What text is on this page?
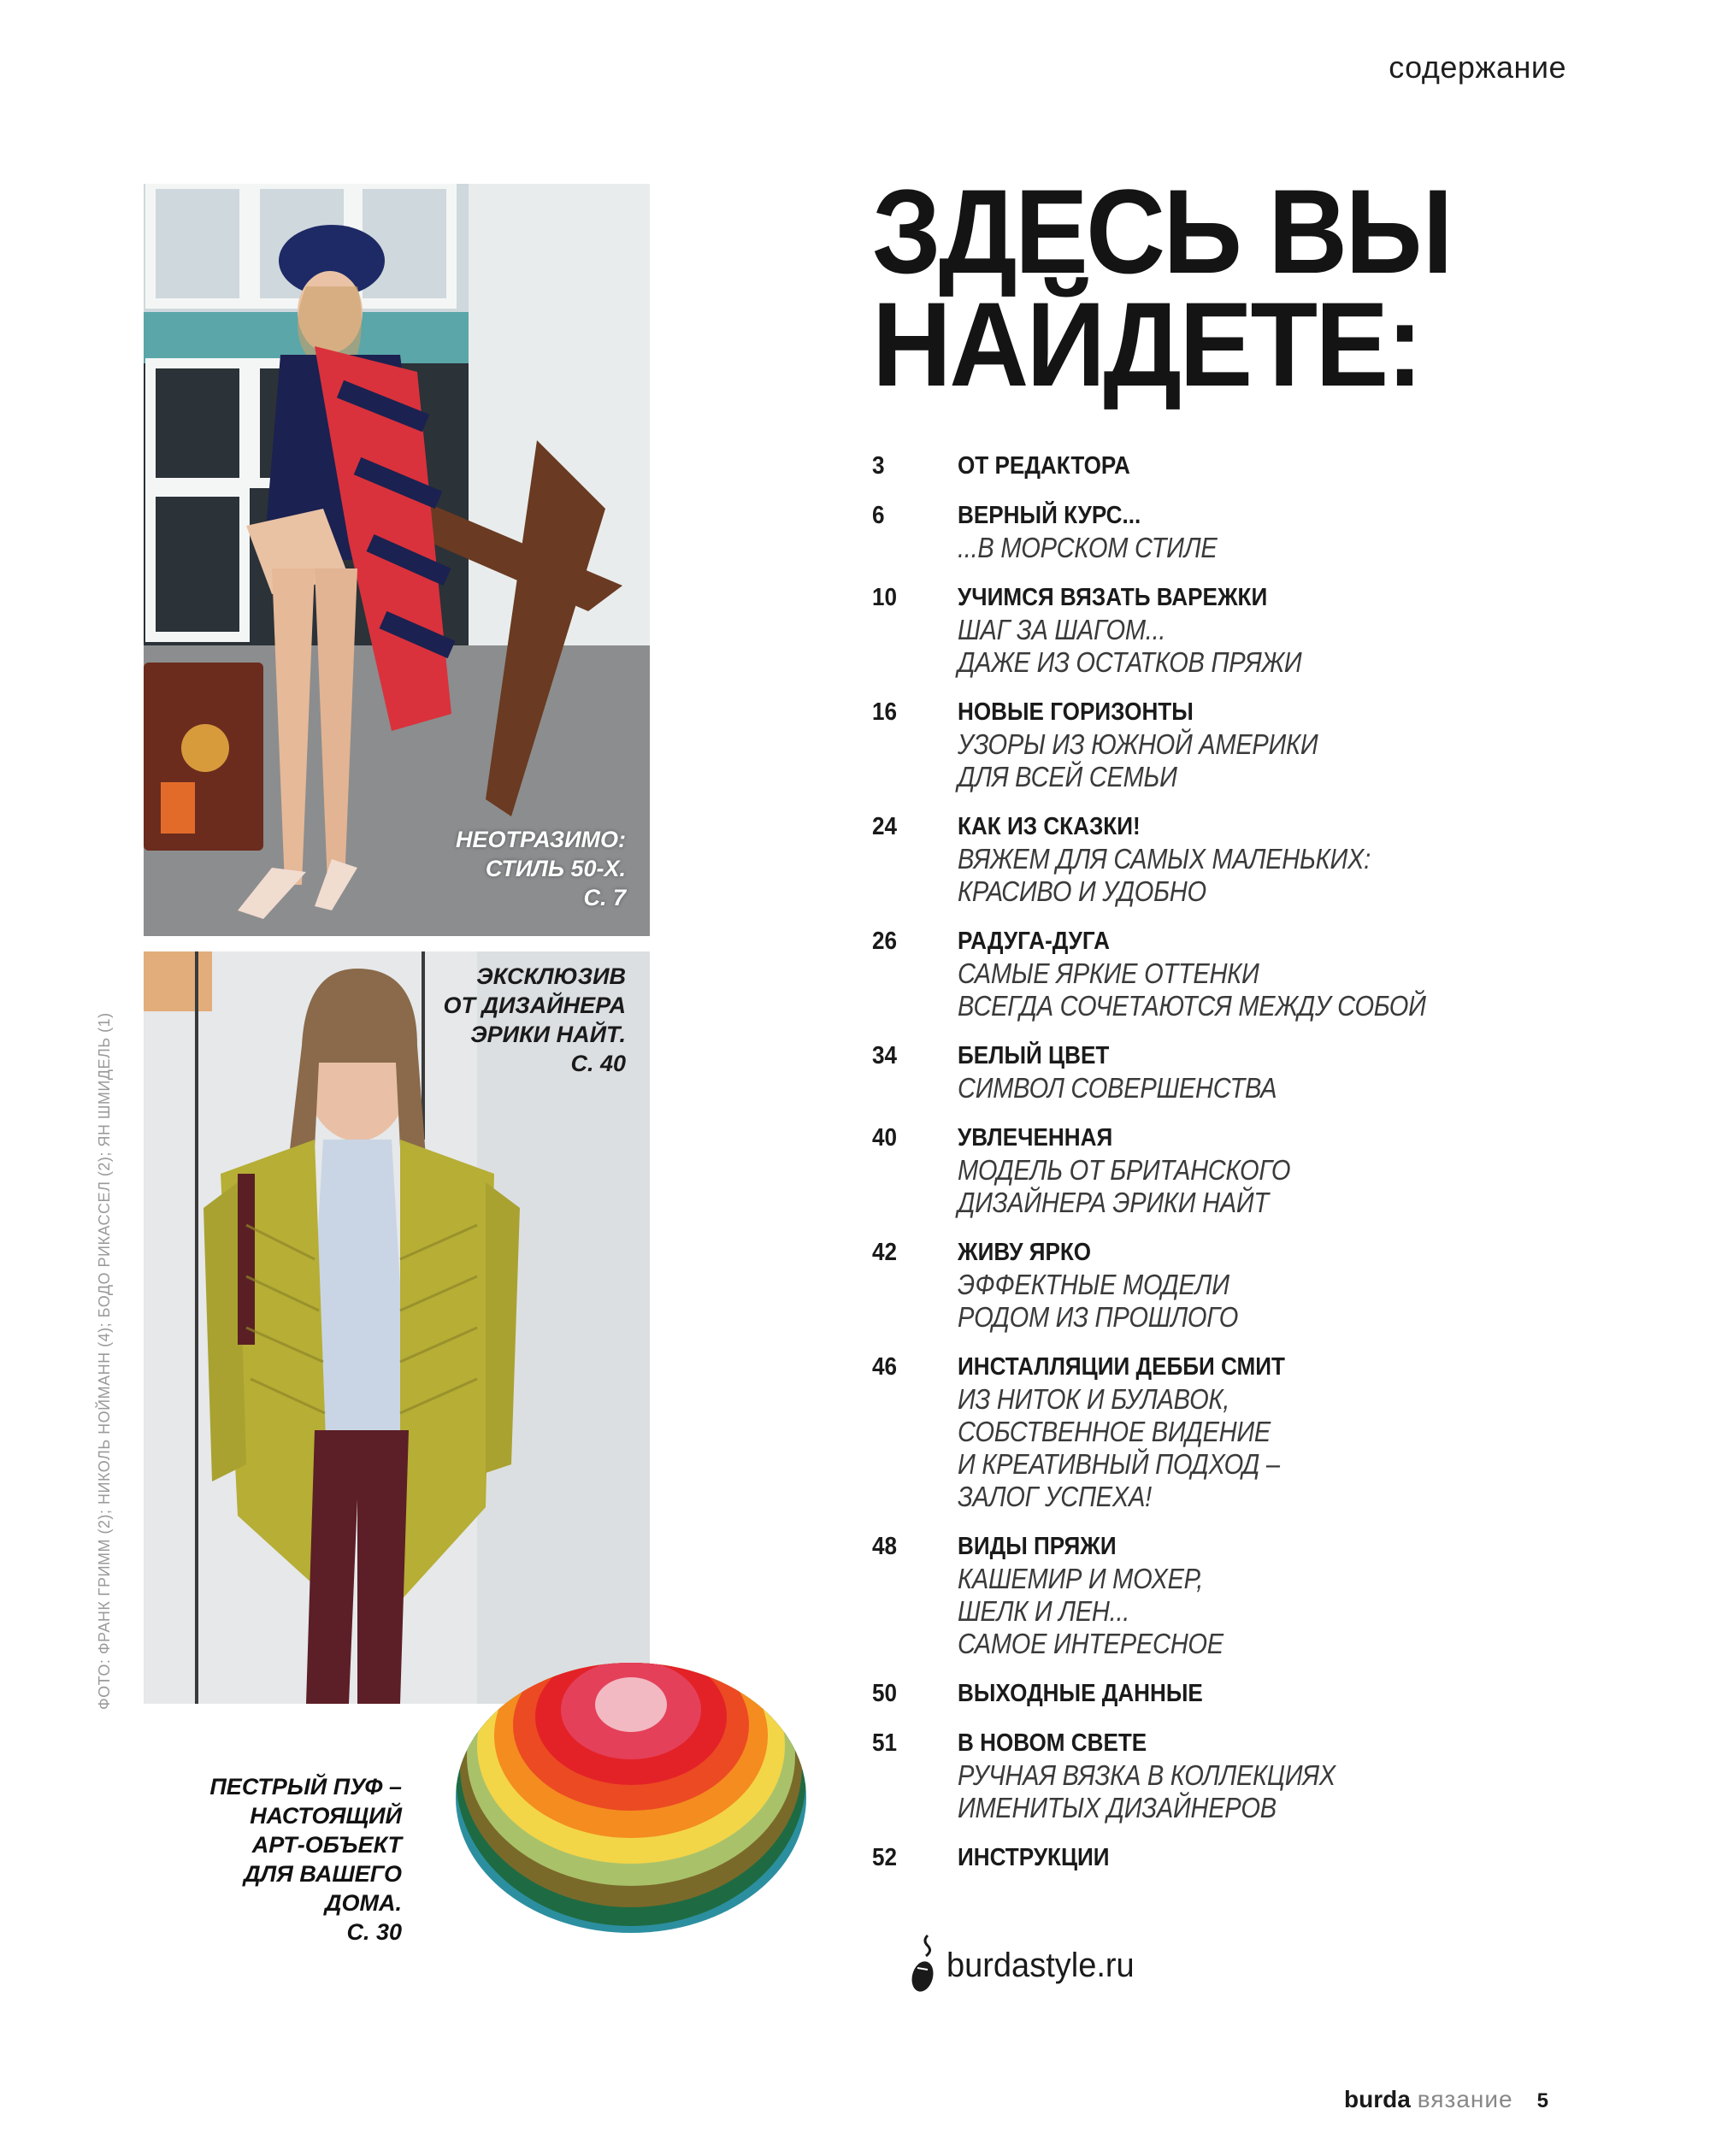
содержание
ЗДЕСЬ ВЫ
НАЙДЕТЕ:
3	ОТ РЕДАКТОРА
6	ВЕРНЫЙ КУРС...
...В МОРСКОМ СТИЛЕ
10	УЧИМСЯ ВЯЗАТЬ ВАРЕЖКИ
ШАГ ЗА ШАГОМ...
ДАЖЕ ИЗ ОСТАТКОВ ПРЯЖИ
16	НОВЫЕ ГОРИЗОНТЫ
УЗОРЫ ИЗ ЮЖНОЙ АМЕРИКИ
ДЛЯ ВСЕЙ СЕМЬИ
24	КАК ИЗ СКАЗКИ!
ВЯЖЕМ ДЛЯ САМЫХ МАЛЕНЬКИХ:
КРАСИВО И УДОБНО
26	РАДУГА-ДУГА
САМЫЕ ЯРКИЕ ОТТЕНКИ
ВСЕГДА СОЧЕТАЮТСЯ МЕЖДУ СОБОЙ
34	БЕЛЫЙ ЦВЕТ
СИМВОЛ СОВЕРШЕНСТВА
40	УВЛЕЧЕННАЯ
МОДЕЛЬ ОТ БРИТАНСКОГО
ДИЗАЙНЕРА ЭРИКИ НАЙТ
42	ЖИВУ ЯРКО
ЭФФЕКТНЫЕ МОДЕЛИ
РОДОМ ИЗ ПРОШЛОГО
46	ИНСТАЛЛЯЦИИ ДЕББИ СМИТ
ИЗ НИТОК И БУЛАВОК,
СОБСТВЕННОЕ ВИДЕНИЕ
И КРЕАТИВНЫЙ ПОДХОД –
ЗАЛОГ УСПЕХА!
48	ВИДЫ ПРЯЖИ
КАШЕМИР И МОХЕР,
ШЕЛК И ЛЕН...
САМОЕ ИНТЕРЕСНОЕ
50	ВЫХОДНЫЕ ДАННЫЕ
51	В НОВОМ СВЕТЕ
РУЧНАЯ ВЯЗКА В КОЛЛЕКЦИЯХ
ИМЕНИТЫХ ДИЗАЙНЕРОВ
52	ИНСТРУКЦИИ
НЕОТРАЗИМО:
СТИЛЬ 50-Х.
С. 7
ЭКСКЛЮЗИВ
ОТ ДИЗАЙНЕРА
ЭРИКИ НАЙТ.
С. 40
ФОТО: ФРАНК ГРИММ (2); НИКОЛЬ НОЙМАНН (4); БОДО РИКАССЕЛ (2); ЯН ШМИДЕЛЬ (1)
ПЕСТРЫЙ ПУФ –
НАСТОЯЩИЙ
АРТ-ОБЪЕКТ
ДЛЯ ВАШЕГО
ДОМА.
С. 30
burdastyle.ru
burda вязание 5
